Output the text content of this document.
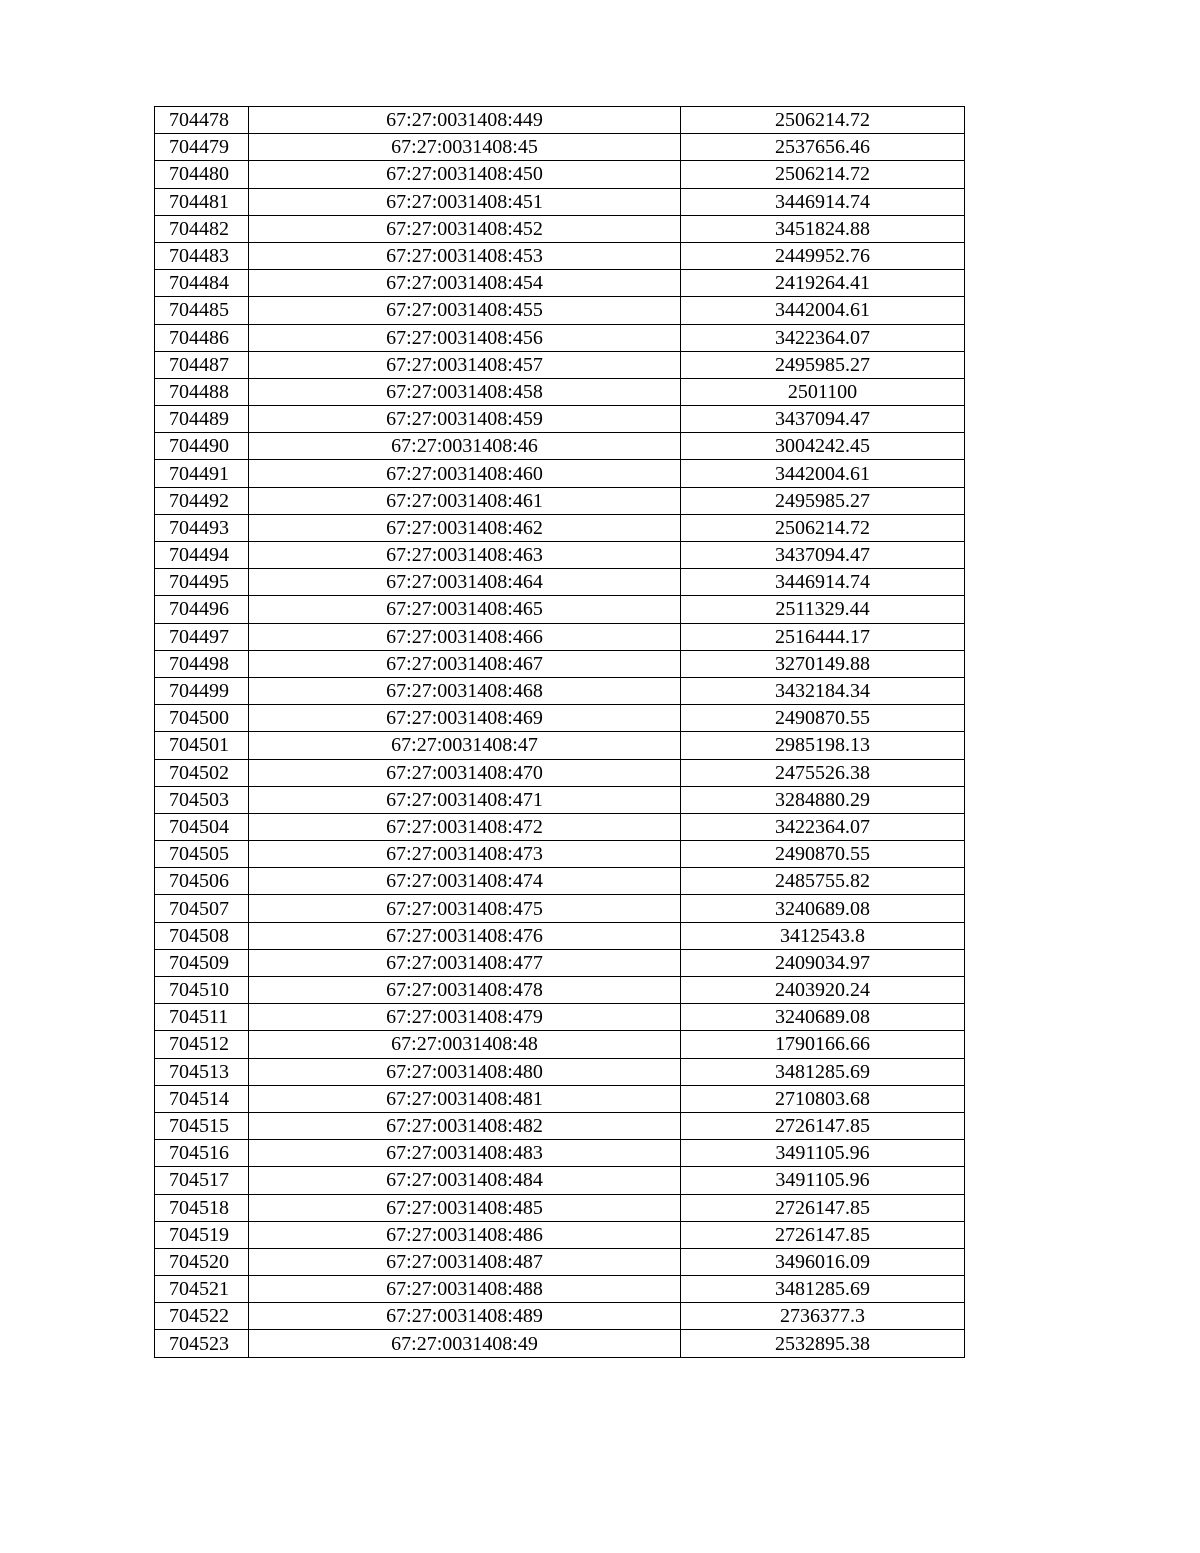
704478	67:27:0031408:449	2506214.72
704479	67:27:0031408:45	2537656.46
704480	67:27:0031408:450	2506214.72
704481	67:27:0031408:451	3446914.74
704482	67:27:0031408:452	3451824.88
704483	67:27:0031408:453	2449952.76
704484	67:27:0031408:454	2419264.41
704485	67:27:0031408:455	3442004.61
704486	67:27:0031408:456	3422364.07
704487	67:27:0031408:457	2495985.27
704488	67:27:0031408:458	2501100
704489	67:27:0031408:459	3437094.47
704490	67:27:0031408:46	3004242.45
704491	67:27:0031408:460	3442004.61
704492	67:27:0031408:461	2495985.27
704493	67:27:0031408:462	2506214.72
704494	67:27:0031408:463	3437094.47
704495	67:27:0031408:464	3446914.74
704496	67:27:0031408:465	2511329.44
704497	67:27:0031408:466	2516444.17
704498	67:27:0031408:467	3270149.88
704499	67:27:0031408:468	3432184.34
704500	67:27:0031408:469	2490870.55
704501	67:27:0031408:47	2985198.13
704502	67:27:0031408:470	2475526.38
704503	67:27:0031408:471	3284880.29
704504	67:27:0031408:472	3422364.07
704505	67:27:0031408:473	2490870.55
704506	67:27:0031408:474	2485755.82
704507	67:27:0031408:475	3240689.08
704508	67:27:0031408:476	3412543.8
704509	67:27:0031408:477	2409034.97
704510	67:27:0031408:478	2403920.24
704511	67:27:0031408:479	3240689.08
704512	67:27:0031408:48	1790166.66
704513	67:27:0031408:480	3481285.69
704514	67:27:0031408:481	2710803.68
704515	67:27:0031408:482	2726147.85
704516	67:27:0031408:483	3491105.96
704517	67:27:0031408:484	3491105.96
704518	67:27:0031408:485	2726147.85
704519	67:27:0031408:486	2726147.85
704520	67:27:0031408:487	3496016.09
704521	67:27:0031408:488	3481285.69
704522	67:27:0031408:489	2736377.3
704523	67:27:0031408:49	2532895.38
